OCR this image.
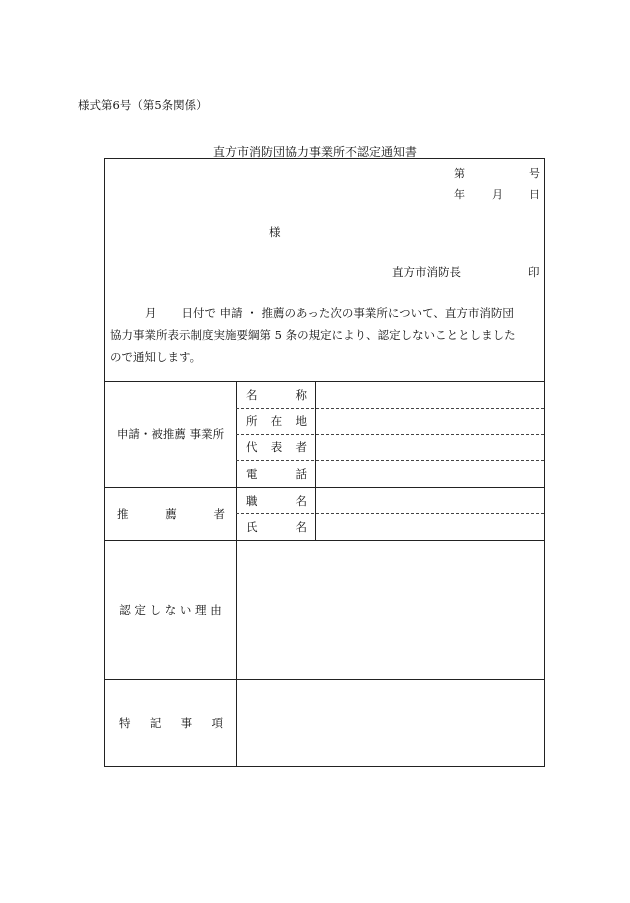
様式第6号（第5条関係）
直方市消防団協力事業所不認定通知書
第	号
年 月 日
様
直方市消防長	印
月 日付で 申請 ・ 推薦のあった次の事業所について、直方市消防団
協力事業所表示制度実施要綱第 5 条の規定により、認定しないこととしました
ので通知します。
申請・被推薦 事業所
名	称
所 在 地
代 表 者
電	話
推	薦	者
職	名
氏	名
認 定 し な い 理 由
特 記 事 項
